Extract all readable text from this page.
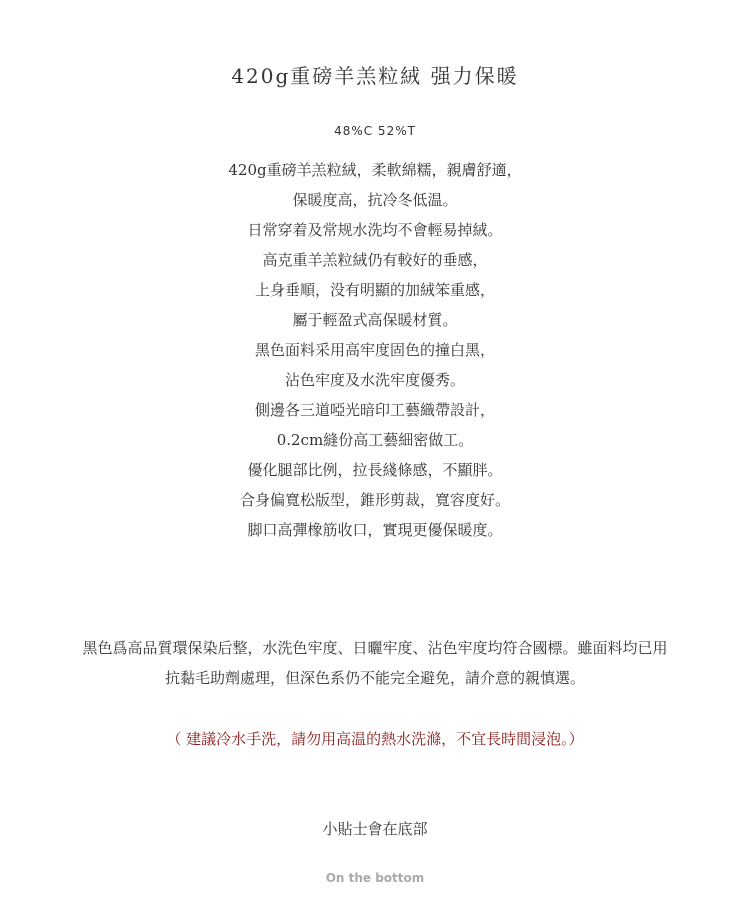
420g重磅羊羔粒絨 强力保暖
48%C 52%T
420g重磅羊羔粒絨，柔軟綿糯，親膚舒適，
保暖度高，抗冷冬低温。
日常穿着及常规水洗均不會輕易掉絨。
高克重羊羔粒絨仍有較好的垂感，
上身垂順，没有明顯的加絨笨重感，
屬于輕盈式高保暖材質。
黑色面料采用高牢度固色的撞白黑，
沾色牢度及水洗牢度優秀。
側邊各三道啞光暗印工藝織帶設計，
0.2cm縫份高工藝細密做工。
優化腿部比例，拉長綫條感，不顯胖。
合身偏寬松版型，錐形剪裁，寬容度好。
脚口高彈橡筋收口，實現更優保暖度。
黑色爲高品質環保染后整，水洗色牢度、日曬牢度、沾色牢度均符合國標。雖面料均已用
抗黏毛助劑處理，但深色系仍不能完全避免，請介意的親慎選。
（ 建議冷水手洗，請勿用高温的熱水洗滌，不宜長時間浸泡。）
小貼士會在底部
On the bottom
